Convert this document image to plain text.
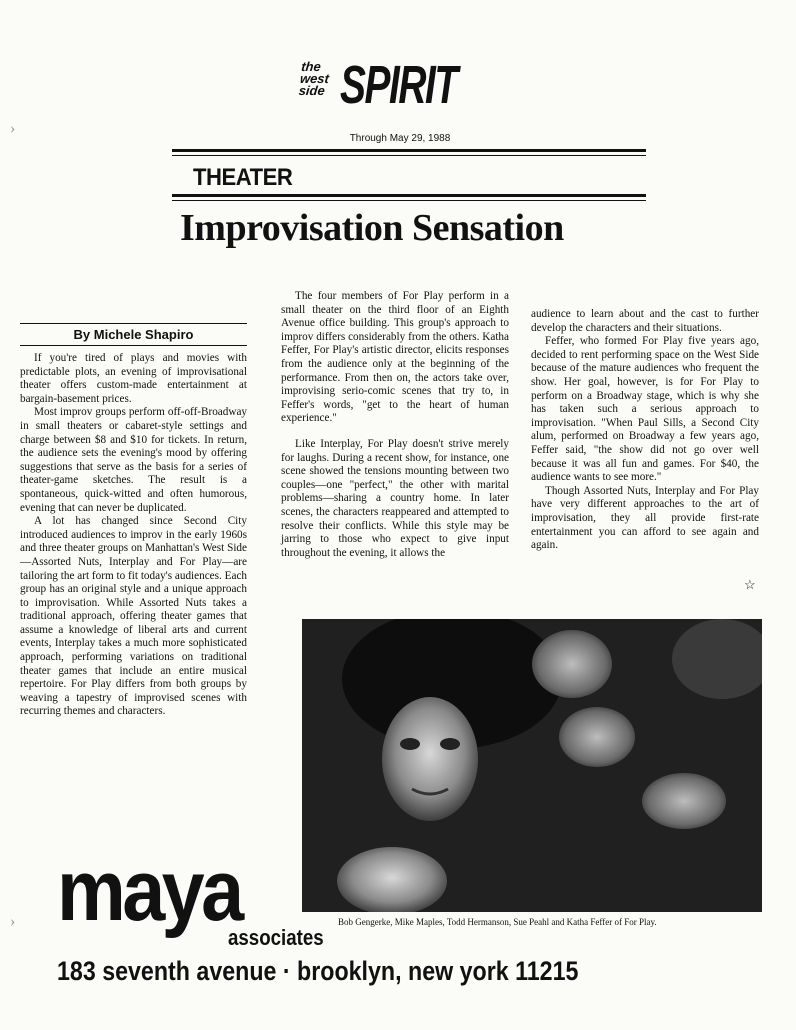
›
›
the west side SPIRIT
Through May 29, 1988
THEATER
Improvisation Sensation
By Michele Shapiro

If you're tired of plays and movies with predictable plots, an evening of improvisational theater offers custom-made entertainment at bargain-basement prices.

Most improv groups perform off-off-Broadway in small theaters or cabaret-style settings and charge between $8 and $10 for tickets. In return, the audience sets the evening's mood by offering suggestions that serve as the basis for a series of theater-game sketches. The result is a spontaneous, quick-witted and often humorous, evening that can never be duplicated.

A lot has changed since Second City introduced audiences to improv in the early 1960s and three theater groups on Manhattan's West Side—Assorted Nuts, Interplay and For Play—are tailoring the art form to fit today's audiences. Each group has an original style and a unique approach to improvisation. While Assorted Nuts takes a traditional approach, offering theater games that assume a knowledge of liberal arts and current events, Interplay takes a much more sophisticated approach, performing variations on traditional theater games that include an entire musical repertoire. For Play differs from both groups by weaving a tapestry of improvised scenes with recurring themes and characters.

The four members of For Play perform in a small theater on the third floor of an Eighth Avenue office building. This group's approach to improv differs considerably from the others. Katha Feffer, For Play's artistic director, elicits responses from the audience only at the beginning of the performance. From then on, the actors take over, improvising serio-comic scenes that try to, in Feffer's words, "get to the heart of human experience."

Like Interplay, For Play doesn't strive merely for laughs. During a recent show, for instance, one scene showed the tensions mounting between two couples—one "perfect," the other with marital problems—sharing a country home. In later scenes, the characters reappeared and attempted to resolve their conflicts. While this style may be jarring to those who expect to give input throughout the evening, it allows the

audience to learn about and the cast to further develop the characters and their situations.

Feffer, who formed For Play five years ago, decided to rent performing space on the West Side because of the mature audiences who frequent the show. Her goal, however, is for For Play to perform on a Broadway stage, which is why she has taken such a serious approach to improvisation. "When Paul Sills, a Second City alum, performed on Broadway a few years ago, Feffer said, "the show did not go over well because it was all fun and games. For $40, the audience wants to see more."

Though Assorted Nuts, Interplay and For Play have very different approaches to the art of improvisation, they all provide first-rate entertainment you can afford to see again and again.

☆
Bob Gengerke, Mike Maples, Todd Hermanson, Sue Peahl and Katha Feffer of For Play.
maya
associates
183 seventh avenue · brooklyn, new york 11215
